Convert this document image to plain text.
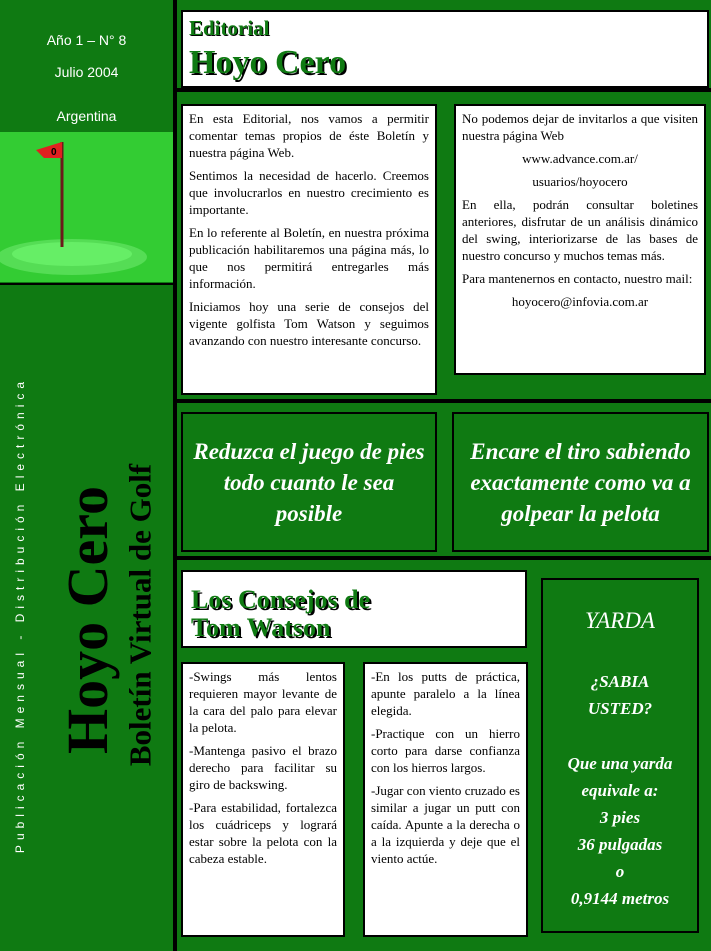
Año 1 – N° 8
Julio 2004
Argentina
0
Publicación Mensual - Distribución Electrónica Hoyo Cero Boletín Virtual de Golf
Editorial
Hoyo Cero

En esta Editorial, nos vamos a permitir comentar temas propios de éste Boletín y nuestra página Web.

Sentimos la necesidad de hacerlo. Creemos que involucrarlos en nuestro crecimiento es importante.

En lo referente al Boletín, en nuestra próxima publicación habilitaremos una página más, lo que nos permitirá entregarles más información.

Iniciamos hoy una serie de consejos del vigente golfista Tom Watson y seguimos avanzando con nuestro interesante concurso.

No podemos dejar de invitarlos a que visiten nuestra página Web

www.advance.com.ar/

usuarios/hoyocero

En ella, podrán consultar boletines anteriores, disfrutar de un análisis dinámico del swing, interiorizarse de las bases de nuestro concurso y muchos temas más.

Para mantenernos en contacto, nuestro mail:

hoyocero@infovia.com.ar

Reduzca el juego de pies todo cuanto le sea posible
Encare el tiro sabiendo exactamente como va a golpear la pelota
Los Consejos de
Tom Watson

-Swings más lentos requieren mayor levante de la cara del palo para elevar la pelota.

-Mantenga pasivo el brazo derecho para facilitar su giro de backswing.

-Para estabilidad, fortalezca los cuádriceps y logrará estar sobre la pelota con la cabeza estable.

-En los putts de práctica, apunte paralelo a la línea elegida.

-Practique con un hierro corto para darse confianza con los hierros largos.

-Jugar con viento cruzado es similar a jugar un putt con caída. Apunte a la derecha o a la izquierda y deje que el viento actúe.

YARDA
¿SABIA
USTED?
Que una yarda
equivale a:
3 pies
36 pulgadas
o
0,9144 metros
